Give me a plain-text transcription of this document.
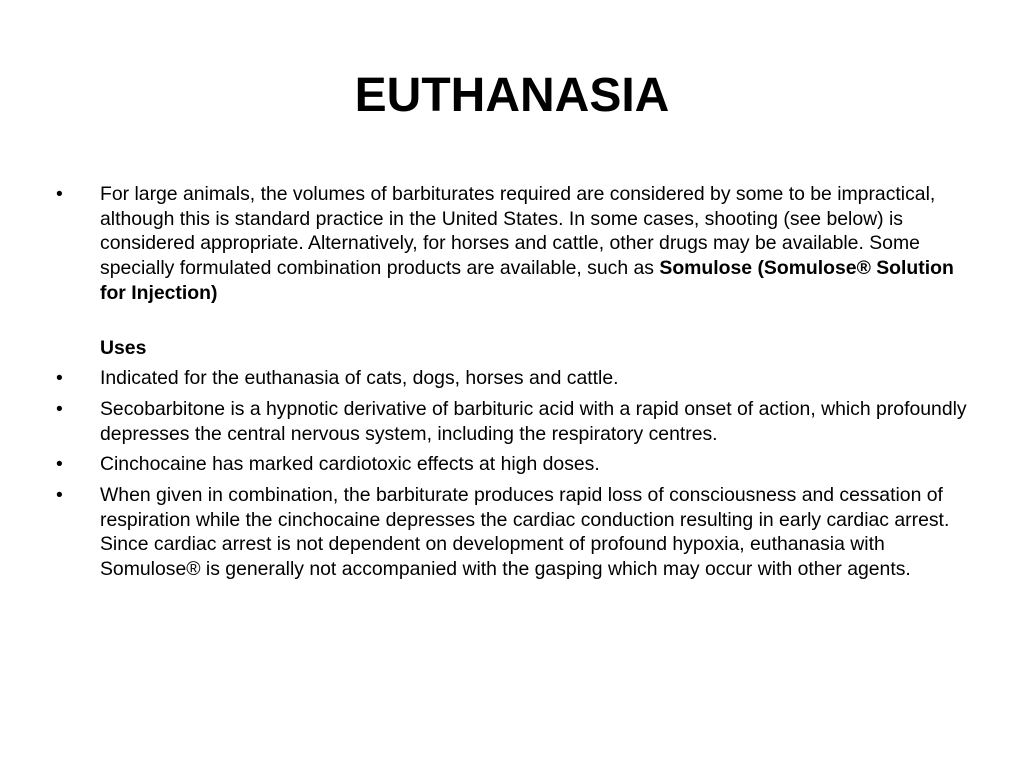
EUTHANASIA
•	For large animals, the volumes of barbiturates required are considered by some to be impractical, although this is standard practice in the United States. In some cases, shooting (see below) is considered appropriate. Alternatively, for horses and cattle, other drugs may be available. Some specially formulated combination products are available, such as Somulose (Somulose® Solution for Injection)
Uses
•	Indicated for the euthanasia of cats, dogs, horses and cattle.
•	Secobarbitone is a hypnotic derivative of barbituric acid with a rapid onset of action, which profoundly depresses the central nervous system, including the respiratory centres.
•	Cinchocaine has marked cardiotoxic effects at high doses.
•	When given in combination, the barbiturate produces rapid loss of consciousness and cessation of respiration while the cinchocaine depresses the cardiac conduction resulting in early cardiac arrest. Since cardiac arrest is not dependent on development of profound hypoxia, euthanasia with Somulose® is generally not accompanied with the gasping which may occur with other agents.
